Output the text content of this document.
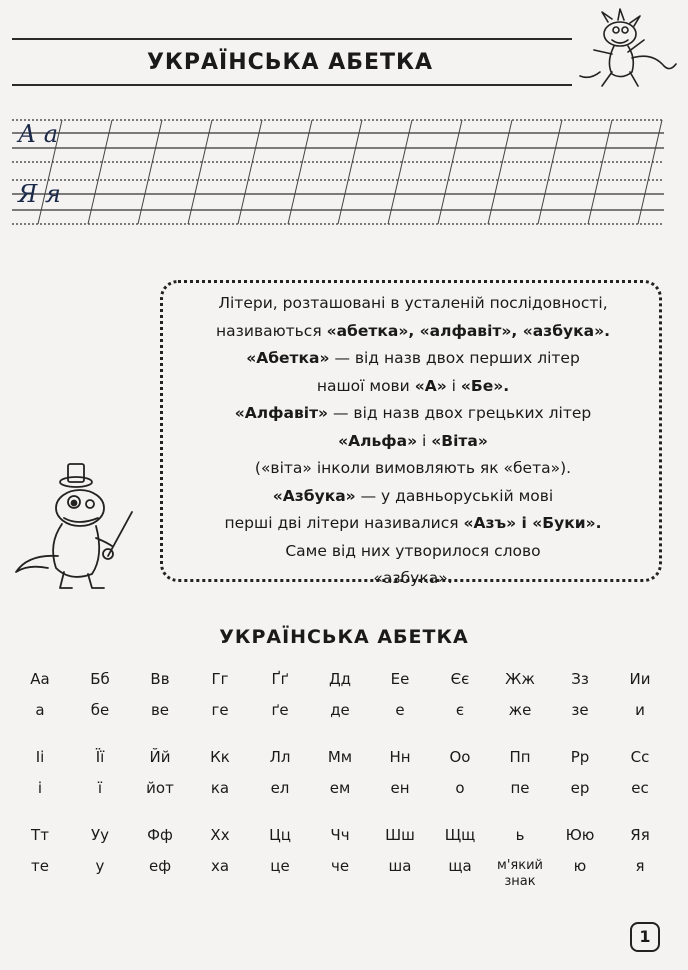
УКРАЇНСЬКА АБЕТКА
А а
Я я
Літери, розташовані в усталеній послідовності,
називаються «абетка», «алфавіт», «азбука».
«Абетка» — від назв двох перших літер
нашої мови «А» і «Бе».
«Алфавіт» — від назв двох грецьких літер
«Альфа» і «Віта»
(«віта» інколи вимовляють як «бета»).
«Азбука» — у давньоруській мові
перші дві літери називалися «Азъ» і «Буки».
Саме від них утворилося слово
«азбука».
УКРАЇНСЬКА АБЕТКА
Аа
а
Бб
бе
Вв
ве
Гг
ге
Ґґ
ґе
Дд
де
Ее
е
Єє
є
Жж
же
Зз
зе
Ии
и
Іі
і
Її
ї
Йй
йот
Кк
ка
Лл
ел
Мм
ем
Нн
ен
Оо
о
Пп
пе
Рр
ер
Сс
ес
Тт
те
Уу
у
Фф
еф
Хх
ха
Цц
це
Чч
че
Шш
ша
Щщ
ща
ь
м'який знак
Юю
ю
Яя
я
1
